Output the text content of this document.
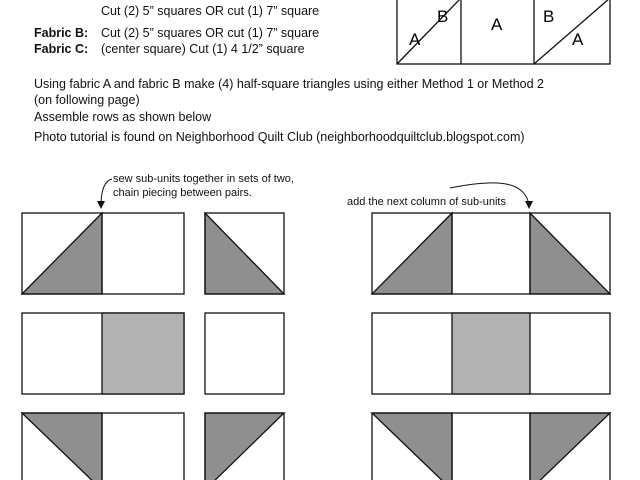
Cut (2) 5” squares OR cut (1) 7” square
Fabric B: Cut (2) 5” squares OR cut (1) 7” square
Fabric C: (center square) Cut (1) 4 1/2” square
Using fabric A and fabric B make (4) half-square triangles using either Method 1 or Method 2
(on following page)
Assemble rows as shown below
Photo tutorial is found on Neighborhood Quilt Club (neighborhoodquiltclub.blogspot.com)
sew sub-units together in sets of two,
chain piecing between pairs.
add the next column of sub-units
B
A
A B
A
